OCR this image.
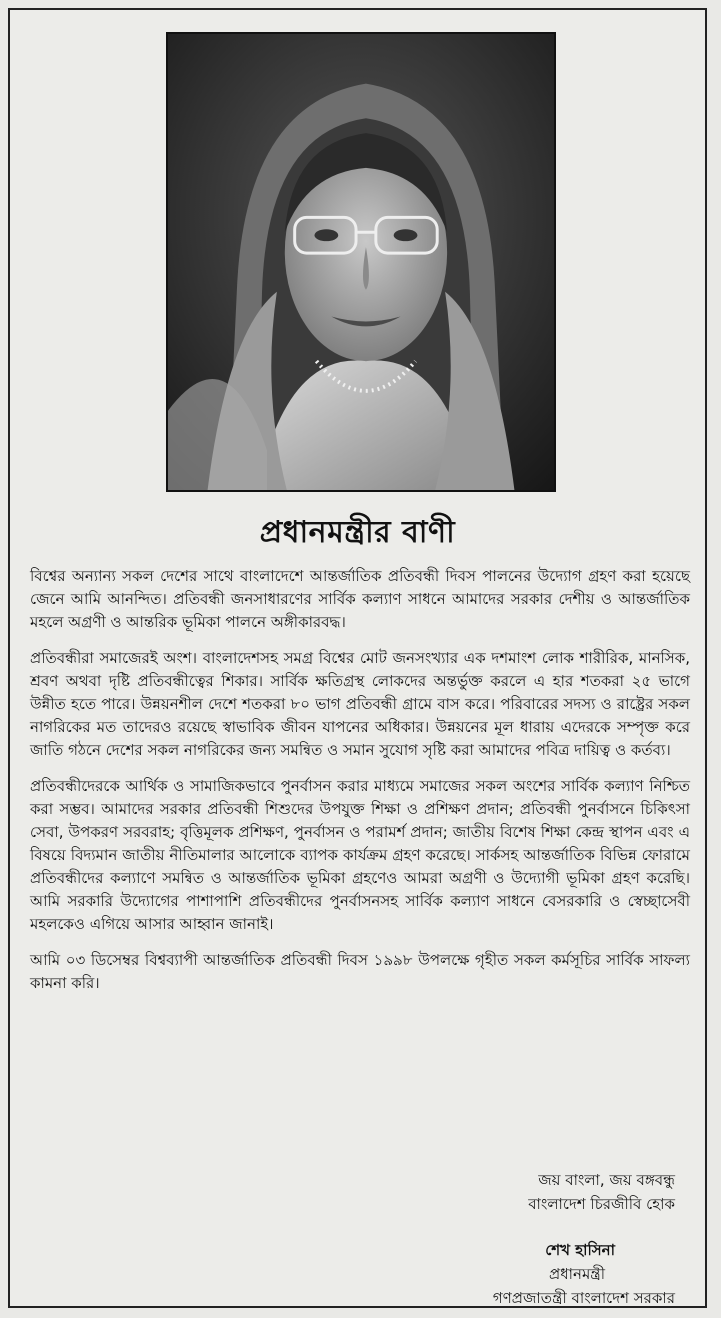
প্রধানমন্ত্রীর বাণী

বিশ্বের অন্যান্য সকল দেশের সাথে বাংলাদেশে আন্তর্জাতিক প্রতিবন্ধী দিবস পালনের উদ্যোগ গ্রহণ করা হয়েছে জেনে আমি আনন্দিত। প্রতিবন্ধী জনসাধারণের সার্বিক কল্যাণ সাধনে আমাদের সরকার দেশীয় ও আন্তর্জাতিক মহলে অগ্রণী ও আন্তরিক ভূমিকা পালনে অঙ্গীকারবদ্ধ।

প্রতিবন্ধীরা সমাজেরই অংশ। বাংলাদেশসহ সমগ্র বিশ্বের মোট জনসংখ্যার এক দশমাংশ লোক শারীরিক, মানসিক, শ্রবণ অথবা দৃষ্টি প্রতিবন্ধীত্বের শিকার। সার্বিক ক্ষতিগ্রস্থ লোকদের অন্তর্ভুক্ত করলে এ হার শতকরা ২৫ ভাগে উন্নীত হতে পারে। উন্নয়নশীল দেশে শতকরা ৮০ ভাগ প্রতিবন্ধী গ্রামে বাস করে। পরিবারের সদস্য ও রাষ্ট্রের সকল নাগরিকের মত তাদেরও রয়েছে স্বাভাবিক জীবন যাপনের অধিকার। উন্নয়নের মূল ধারায় এদেরকে সম্পৃক্ত করে জাতি গঠনে দেশের সকল নাগরিকের জন্য সমন্বিত ও সমান সুযোগ সৃষ্টি করা আমাদের পবিত্র দায়িত্ব ও কর্তব্য।

প্রতিবন্ধীদেরকে আর্থিক ও সামাজিকভাবে পুনর্বাসন করার মাধ্যমে সমাজের সকল অংশের সার্বিক কল্যাণ নিশ্চিত করা সম্ভব। আমাদের সরকার প্রতিবন্ধী শিশুদের উপযুক্ত শিক্ষা ও প্রশিক্ষণ প্রদান; প্রতিবন্ধী পুনর্বাসনে চিকিৎসা সেবা, উপকরণ সরবরাহ; বৃত্তিমূলক প্রশিক্ষণ, পুনর্বাসন ও পরামর্শ প্রদান; জাতীয় বিশেষ শিক্ষা কেন্দ্র স্থাপন এবং এ বিষয়ে বিদ্যমান জাতীয় নীতিমালার আলোকে ব্যাপক কার্যক্রম গ্রহণ করেছে। সার্কসহ আন্তর্জাতিক বিভিন্ন ফোরামে প্রতিবন্ধীদের কল্যাণে সমন্বিত ও আন্তর্জাতিক ভূমিকা গ্রহণেও আমরা অগ্রণী ও উদ্যোগী ভূমিকা গ্রহণ করেছি। আমি সরকারি উদ্যোগের পাশাপাশি প্রতিবন্ধীদের পুনর্বাসনসহ সার্বিক কল্যাণ সাধনে বেসরকারি ও স্বেচ্ছাসেবী মহলকেও এগিয়ে আসার আহ্বান জানাই।

আমি ০৩ ডিসেম্বর বিশ্বব্যাপী আন্তর্জাতিক প্রতিবন্ধী দিবস ১৯৯৮ উপলক্ষে গৃহীত সকল কর্মসূচির সার্বিক সাফল্য কামনা করি।

জয় বাংলা, জয় বঙ্গবন্ধু
বাংলাদেশ চিরজীবি হোক
শেখ হাসিনা
প্রধানমন্ত্রী
গণপ্রজাতন্ত্রী বাংলাদেশ সরকার
